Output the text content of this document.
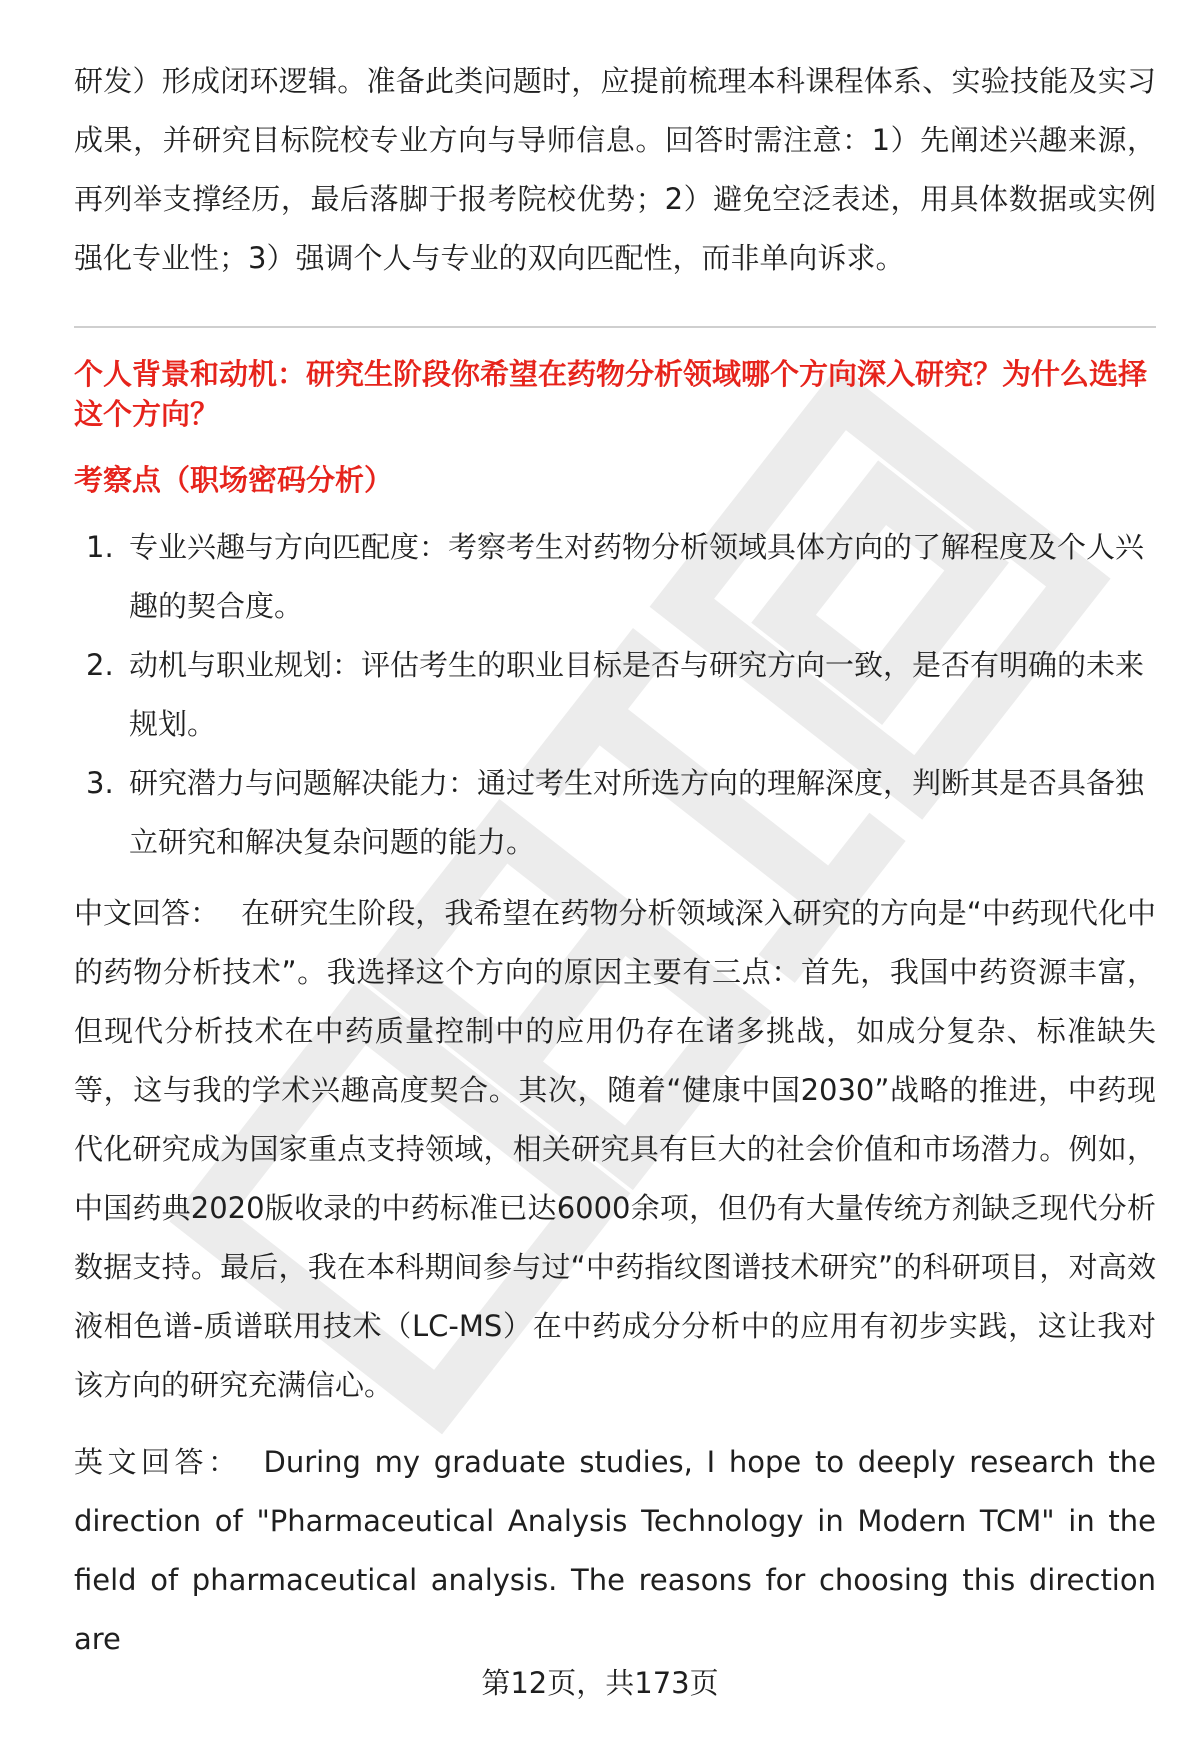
研发）形成闭环逻辑。准备此类问题时，应提前梳理本科课程体系、实验技能及实习成果，并研究目标院校专业方向与导师信息。回答时需注意：1）先阐述兴趣来源，再列举支撑经历，最后落脚于报考院校优势；2）避免空泛表述，用具体数据或实例强化专业性；3）强调个人与专业的双向匹配性，而非单向诉求。

个人背景和动机：研究生阶段你希望在药物分析领域哪个方向深入研究？为什么选择这个方向？

考察点（职场密码分析）

1. 专业兴趣与方向匹配度：考察考生对药物分析领域具体方向的了解程度及个人兴趣的契合度。
2. 动机与职业规划：评估考生的职业目标是否与研究方向一致，是否有明确的未来规划。
3. 研究潜力与问题解决能力：通过考生对所选方向的理解深度，判断其是否具备独立研究和解决复杂问题的能力。

中文回答： 在研究生阶段，我希望在药物分析领域深入研究的方向是“中药现代化中的药物分析技术”。我选择这个方向的原因主要有三点：首先，我国中药资源丰富，但现代分析技术在中药质量控制中的应用仍存在诸多挑战，如成分复杂、标准缺失等，这与我的学术兴趣高度契合。其次，随着“健康中国2030”战略的推进，中药现代化研究成为国家重点支持领域，相关研究具有巨大的社会价值和市场潜力。例如，中国药典2020版收录的中药标准已达6000余项，但仍有大量传统方剂缺乏现代分析数据支持。最后，我在本科期间参与过“中药指纹图谱技术研究”的科研项目，对高效液相色谱-质谱联用技术（LC-MS）在中药成分分析中的应用有初步实践，这让我对该方向的研究充满信心。

英文回答： During my graduate studies, I hope to deeply research the direction of "Pharmaceutical Analysis Technology in Modern TCM" in the field of pharmaceutical analysis. The reasons for choosing this direction are

第12页，共173页
